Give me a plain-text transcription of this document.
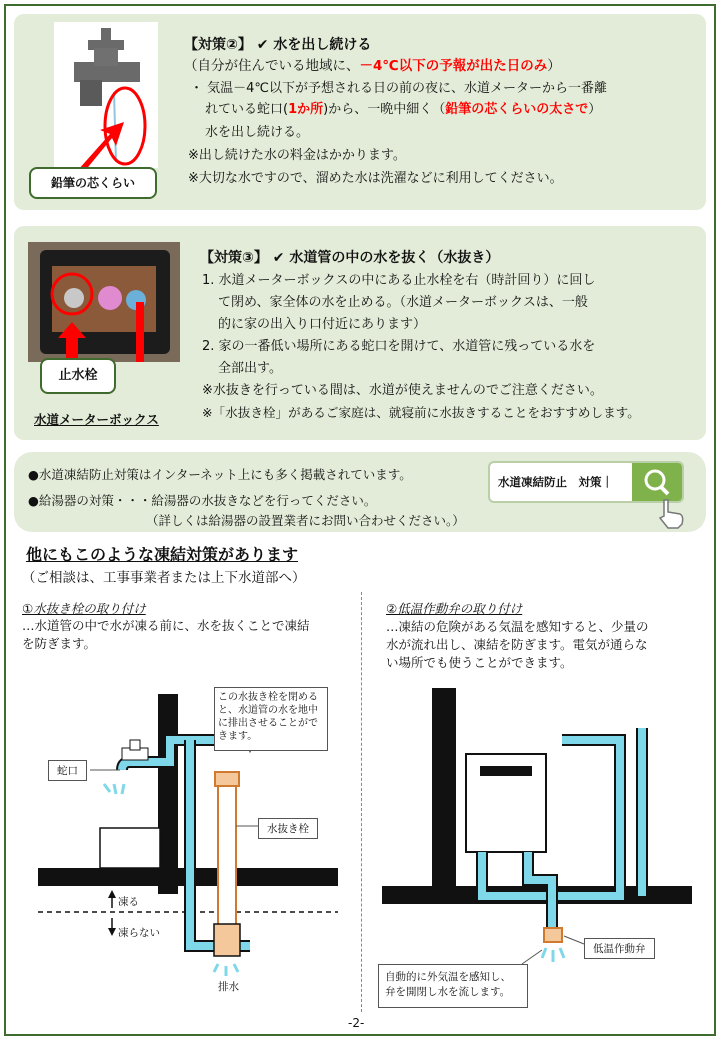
鉛筆の芯くらい
【対策②】 ✔ 水を出し続ける
（自分が住んでいる地域に、－4℃以下の予報が出た日のみ）
・ 気温－4℃以下が予想される日の前の夜に、水道メーターから一番離
れている蛇口(1か所)から、一晩中細く（鉛筆の芯くらいの太さで）
水を出し続ける。
※出し続けた水の料金はかかります。
※大切な水ですので、溜めた水は洗濯などに利用してください。
止水栓
水道メーターボックス
【対策③】 ✔ 水道管の中の水を抜く（水抜き）
1. 水道メーターボックスの中にある止水栓を右（時計回り）に回し
て閉め、家全体の水を止める。（水道メーターボックスは、一般
的に家の出入り口付近にあります）
2. 家の一番低い場所にある蛇口を開けて、水道管に残っている水を
全部出す。
※水抜きを行っている間は、水道が使えませんのでご注意ください。
※「水抜き栓」があるご家庭は、就寝前に水抜きすることをおすすめします。
●水道凍結防止対策はインターネット上にも多く掲載されています。
●給湯器の対策・・・給湯器の水抜きなどを行ってください。
（詳しくは給湯器の設置業者にお問い合わせください。）
水道凍結防止　対策｜
他にもこのような凍結対策があります
（ご相談は、工事事業者または上下水道部へ）
①水抜き栓の取り付け
…水道管の中で水が凍る前に、水を抜くことで凍結
を防ぎます。
この水抜き栓を閉める
と、水道管の水を地中
に排出させることがで
きます。
蛇口
水抜き栓
凍る
凍らない
排水
②低温作動弁の取り付け
…凍結の危険がある気温を感知すると、少量の
水が流れ出し、凍結を防ぎます。電気が通らな
い場所でも使うことができます。
低温作動弁
自動的に外気温を感知し、
弁を開閉し水を流します。
-2-
